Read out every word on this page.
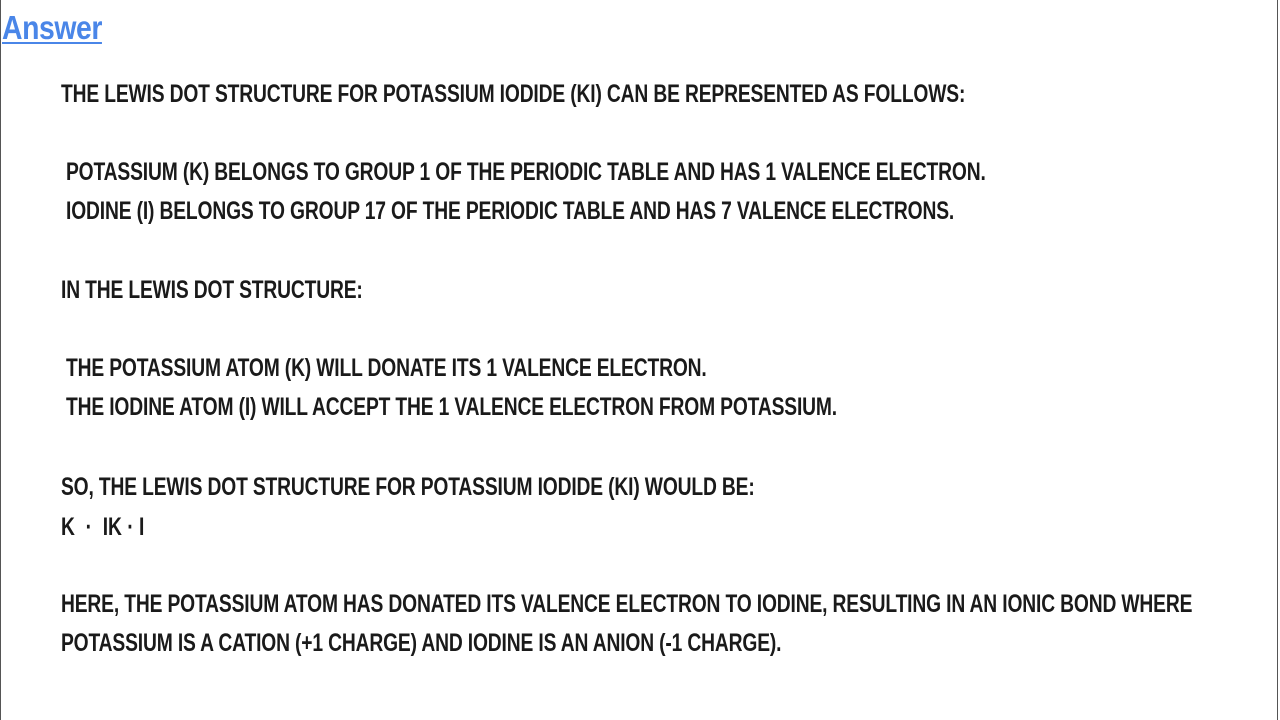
Answer

THE LEWIS DOT STRUCTURE FOR POTASSIUM IODIDE (KI) CAN BE REPRESENTED AS FOLLOWS:

POTASSIUM (K) BELONGS TO GROUP 1 OF THE PERIODIC TABLE AND HAS 1 VALENCE ELECTRON.

IODINE (I) BELONGS TO GROUP 17 OF THE PERIODIC TABLE AND HAS 7 VALENCE ELECTRONS.

IN THE LEWIS DOT STRUCTURE:

THE POTASSIUM ATOM (K) WILL DONATE ITS 1 VALENCE ELECTRON.

THE IODINE ATOM (I) WILL ACCEPT THE 1 VALENCE ELECTRON FROM POTASSIUM.

SO, THE LEWIS DOT STRUCTURE FOR POTASSIUM IODIDE (KI) WOULD BE:

K  ·  IK · I

HERE, THE POTASSIUM ATOM HAS DONATED ITS VALENCE ELECTRON TO IODINE, RESULTING IN AN IONIC BOND WHERE

POTASSIUM IS A CATION (+1 CHARGE) AND IODINE IS AN ANION (-1 CHARGE).
